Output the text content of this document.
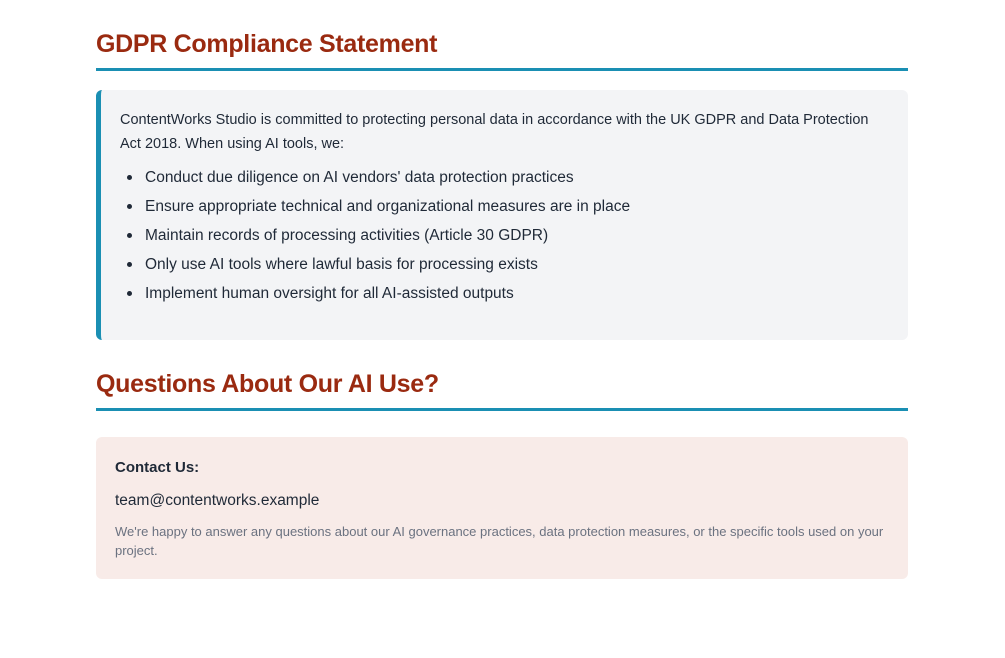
GDPR Compliance Statement

ContentWorks Studio is committed to protecting personal data in accordance with the UK GDPR and Data Protection Act 2018. When using AI tools, we:

Conduct due diligence on AI vendors' data protection practices
Ensure appropriate technical and organizational measures are in place
Maintain records of processing activities (Article 30 GDPR)
Only use AI tools where lawful basis for processing exists
Implement human oversight for all AI-assisted outputs
Questions About Our AI Use?

Contact Us:

team@contentworks.example

We're happy to answer any questions about our AI governance practices, data protection measures, or the specific tools used on your project.
